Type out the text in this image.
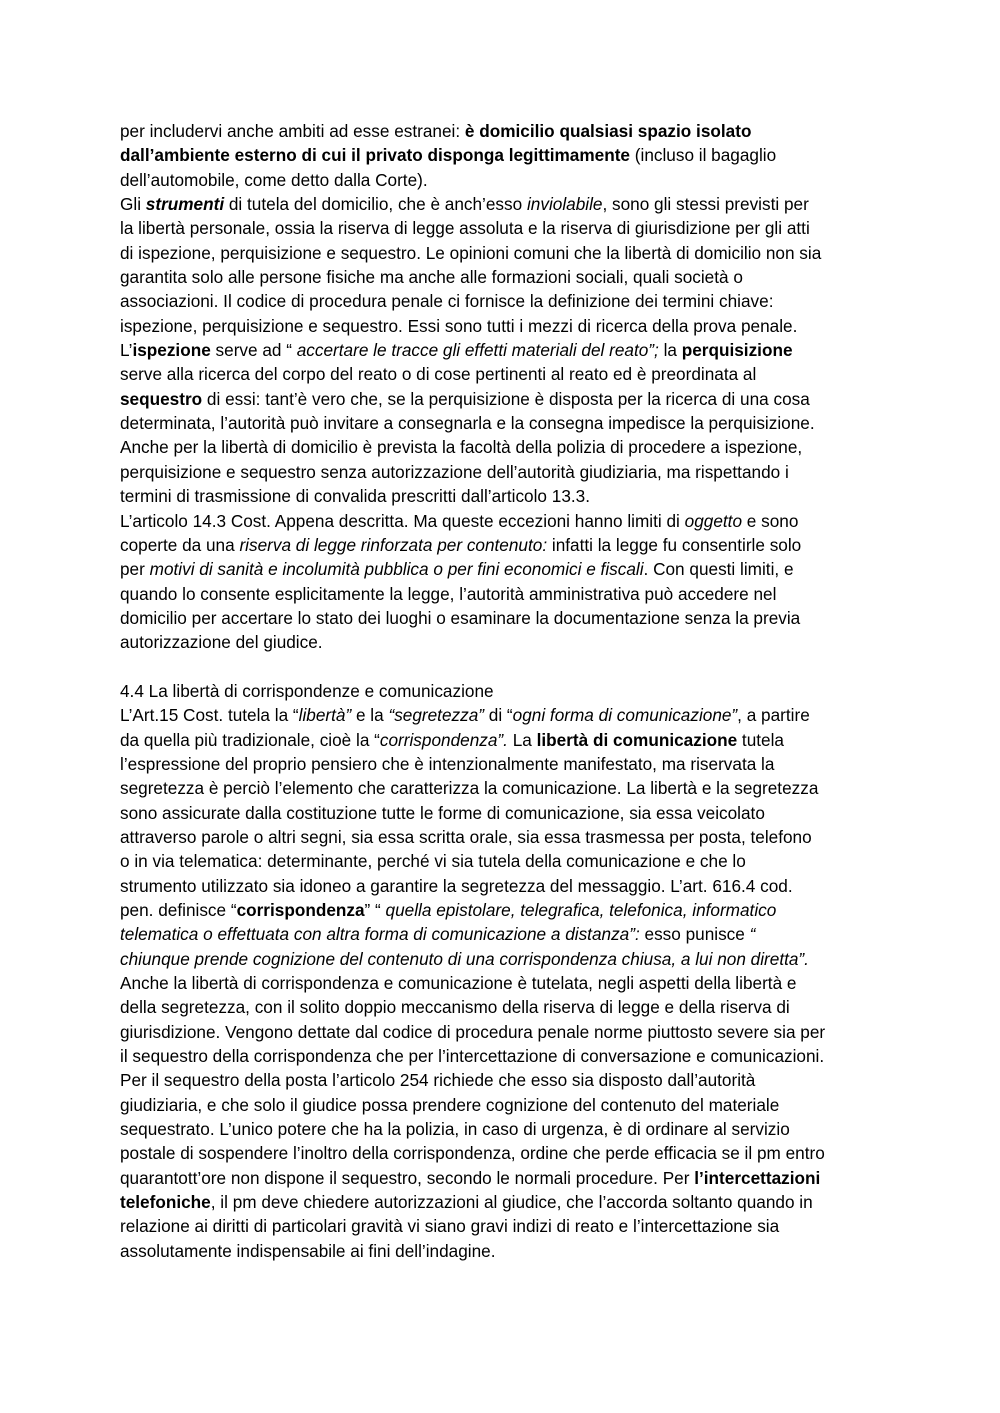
per includervi anche ambiti ad esse estranei: è domicilio qualsiasi spazio isolato
dall’ambiente esterno di cui il privato disponga legittimamente (incluso il bagaglio
dell’automobile, come detto dalla Corte).
Gli strumenti di tutela del domicilio, che è anch’esso inviolabile, sono gli stessi previsti per
la libertà personale, ossia la riserva di legge assoluta e la riserva di giurisdizione per gli atti
di ispezione, perquisizione e sequestro. Le opinioni comuni che la libertà di domicilio non sia
garantita solo alle persone fisiche ma anche alle formazioni sociali, quali società o
associazioni. Il codice di procedura penale ci fornisce la definizione dei termini chiave:
ispezione, perquisizione e sequestro. Essi sono tutti i mezzi di ricerca della prova penale.
L’ispezione serve ad “ accertare le tracce gli effetti materiali del reato”; la perquisizione
serve alla ricerca del corpo del reato o di cose pertinenti al reato ed è preordinata al
sequestro di essi: tant’è vero che, se la perquisizione è disposta per la ricerca di una cosa
determinata, l’autorità può invitare a consegnarla e la consegna impedisce la perquisizione.
Anche per la libertà di domicilio è prevista la facoltà della polizia di procedere a ispezione,
perquisizione e sequestro senza autorizzazione dell’autorità giudiziaria, ma rispettando i
termini di trasmissione di convalida prescritti dall’articolo 13.3.
L’articolo 14.3 Cost. Appena descritta. Ma queste eccezioni hanno limiti di oggetto e sono
coperte da una riserva di legge rinforzata per contenuto: infatti la legge fu consentirle solo
per motivi di sanità e incolumità pubblica o per fini economici e fiscali. Con questi limiti, e
quando lo consente esplicitamente la legge, l’autorità amministrativa può accedere nel
domicilio per accertare lo stato dei luoghi o esaminare la documentazione senza la previa
autorizzazione del giudice.
4.4 La libertà di corrispondenze e comunicazione
L’Art.15 Cost. tutela la “libertà” e la “segretezza” di “ogni forma di comunicazione”, a partire
da quella più tradizionale, cioè la “corrispondenza”. La libertà di comunicazione tutela
l’espressione del proprio pensiero che è intenzionalmente manifestato, ma riservata la
segretezza è perciò l’elemento che caratterizza la comunicazione. La libertà e la segretezza
sono assicurate dalla costituzione tutte le forme di comunicazione, sia essa veicolato
attraverso parole o altri segni, sia essa scritta orale, sia essa trasmessa per posta, telefono
o in via telematica: determinante, perché vi sia tutela della comunicazione e che lo
strumento utilizzato sia idoneo a garantire la segretezza del messaggio. L’art. 616.4 cod.
pen. definisce “corrispondenza” “ quella epistolare, telegrafica, telefonica, informatico
telematica o effettuata con altra forma di comunicazione a distanza”: esso punisce “
chiunque prende cognizione del contenuto di una corrispondenza chiusa, a lui non diretta”.
Anche la libertà di corrispondenza e comunicazione è tutelata, negli aspetti della libertà e
della segretezza, con il solito doppio meccanismo della riserva di legge e della riserva di
giurisdizione. Vengono dettate dal codice di procedura penale norme piuttosto severe sia per
il sequestro della corrispondenza che per l’intercettazione di conversazione e comunicazioni.
Per il sequestro della posta l’articolo 254 richiede che esso sia disposto dall’autorità
giudiziaria, e che solo il giudice possa prendere cognizione del contenuto del materiale
sequestrato. L’unico potere che ha la polizia, in caso di urgenza, è di ordinare al servizio
postale di sospendere l’inoltro della corrispondenza, ordine che perde efficacia se il pm entro
quarantott’ore non dispone il sequestro, secondo le normali procedure. Per l’intercettazioni
telefoniche, il pm deve chiedere autorizzazioni al giudice, che l’accorda soltanto quando in
relazione ai diritti di particolari gravità vi siano gravi indizi di reato e l’intercettazione sia
assolutamente indispensabile ai fini dell’indagine.
